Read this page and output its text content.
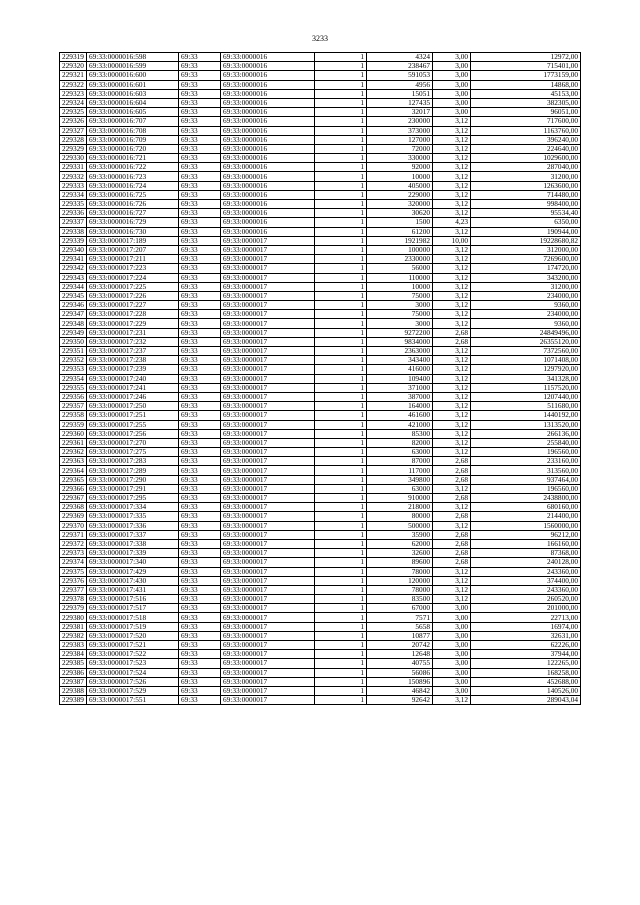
3233
229319	69:33:0000016:598	69:33	69:33:0000016	1	4324	3,00	12972,00
229320	69:33:0000016:599	69:33	69:33:0000016	1	238467	3,00	715401,00
229321	69:33:0000016:600	69:33	69:33:0000016	1	591053	3,00	1773159,00
229322	69:33:0000016:601	69:33	69:33:0000016	1	4956	3,00	14868,00
229323	69:33:0000016:603	69:33	69:33:0000016	1	15051	3,00	45153,00
229324	69:33:0000016:604	69:33	69:33:0000016	1	127435	3,00	382305,00
229325	69:33:0000016:605	69:33	69:33:0000016	1	32017	3,00	96051,00
229326	69:33:0000016:707	69:33	69:33:0000016	1	230000	3,12	717600,00
229327	69:33:0000016:708	69:33	69:33:0000016	1	373000	3,12	1163760,00
229328	69:33:0000016:709	69:33	69:33:0000016	1	127000	3,12	396240,00
229329	69:33:0000016:720	69:33	69:33:0000016	1	72000	3,12	224640,00
229330	69:33:0000016:721	69:33	69:33:0000016	1	330000	3,12	1029600,00
229331	69:33:0000016:722	69:33	69:33:0000016	1	92000	3,12	287040,00
229332	69:33:0000016:723	69:33	69:33:0000016	1	10000	3,12	31200,00
229333	69:33:0000016:724	69:33	69:33:0000016	1	405000	3,12	1263600,00
229334	69:33:0000016:725	69:33	69:33:0000016	1	229000	3,12	714480,00
229335	69:33:0000016:726	69:33	69:33:0000016	1	320000	3,12	998400,00
229336	69:33:0000016:727	69:33	69:33:0000016	1	30620	3,12	95534,40
229337	69:33:0000016:729	69:33	69:33:0000016	1	1500	4,23	6350,00
229338	69:33:0000016:730	69:33	69:33:0000016	1	61200	3,12	190944,00
229339	69:33:0000017:189	69:33	69:33:0000017	1	1921982	10,00	19228680,82
229340	69:33:0000017:207	69:33	69:33:0000017	1	100000	3,12	312000,00
229341	69:33:0000017:211	69:33	69:33:0000017	1	2330000	3,12	7269600,00
229342	69:33:0000017:223	69:33	69:33:0000017	1	56000	3,12	174720,00
229343	69:33:0000017:224	69:33	69:33:0000017	1	110000	3,12	343200,00
229344	69:33:0000017:225	69:33	69:33:0000017	1	10000	3,12	31200,00
229345	69:33:0000017:226	69:33	69:33:0000017	1	75000	3,12	234000,00
229346	69:33:0000017:227	69:33	69:33:0000017	1	3000	3,12	9360,00
229347	69:33:0000017:228	69:33	69:33:0000017	1	75000	3,12	234000,00
229348	69:33:0000017:229	69:33	69:33:0000017	1	3000	3,12	9360,00
229349	69:33:0000017:231	69:33	69:33:0000017	1	9272200	2,68	24849496,00
229350	69:33:0000017:232	69:33	69:33:0000017	1	9834000	2,68	26355120,00
229351	69:33:0000017:237	69:33	69:33:0000017	1	2363000	3,12	7372560,00
229352	69:33:0000017:238	69:33	69:33:0000017	1	343400	3,12	1071408,00
229353	69:33:0000017:239	69:33	69:33:0000017	1	416000	3,12	1297920,00
229354	69:33:0000017:240	69:33	69:33:0000017	1	109400	3,12	341328,00
229355	69:33:0000017:241	69:33	69:33:0000017	1	371000	3,12	1157520,00
229356	69:33:0000017:246	69:33	69:33:0000017	1	387000	3,12	1207440,00
229357	69:33:0000017:250	69:33	69:33:0000017	1	164000	3,12	511680,00
229358	69:33:0000017:251	69:33	69:33:0000017	1	461600	3,12	1440192,00
229359	69:33:0000017:255	69:33	69:33:0000017	1	421000	3,12	1313520,00
229360	69:33:0000017:256	69:33	69:33:0000017	1	85300	3,12	266136,00
229361	69:33:0000017:270	69:33	69:33:0000017	1	82000	3,12	255840,00
229362	69:33:0000017:275	69:33	69:33:0000017	1	63000	3,12	196560,00
229363	69:33:0000017:283	69:33	69:33:0000017	1	87000	2,68	233160,00
229364	69:33:0000017:289	69:33	69:33:0000017	1	117000	2,68	313560,00
229365	69:33:0000017:290	69:33	69:33:0000017	1	349800	2,68	937464,00
229366	69:33:0000017:291	69:33	69:33:0000017	1	63000	3,12	196560,00
229367	69:33:0000017:295	69:33	69:33:0000017	1	910000	2,68	2438800,00
229368	69:33:0000017:334	69:33	69:33:0000017	1	218000	3,12	680160,00
229369	69:33:0000017:335	69:33	69:33:0000017	1	80000	2,68	214400,00
229370	69:33:0000017:336	69:33	69:33:0000017	1	500000	3,12	1560000,00
229371	69:33:0000017:337	69:33	69:33:0000017	1	35900	2,68	96212,00
229372	69:33:0000017:338	69:33	69:33:0000017	1	62000	2,68	166160,00
229373	69:33:0000017:339	69:33	69:33:0000017	1	32600	2,68	87368,00
229374	69:33:0000017:340	69:33	69:33:0000017	1	89600	2,68	240128,00
229375	69:33:0000017:429	69:33	69:33:0000017	1	78000	3,12	243360,00
229376	69:33:0000017:430	69:33	69:33:0000017	1	120000	3,12	374400,00
229377	69:33:0000017:431	69:33	69:33:0000017	1	78000	3,12	243360,00
229378	69:33:0000017:516	69:33	69:33:0000017	1	83500	3,12	260520,00
229379	69:33:0000017:517	69:33	69:33:0000017	1	67000	3,00	201000,00
229380	69:33:0000017:518	69:33	69:33:0000017	1	7571	3,00	22713,00
229381	69:33:0000017:519	69:33	69:33:0000017	1	5658	3,00	16974,00
229382	69:33:0000017:520	69:33	69:33:0000017	1	10877	3,00	32631,00
229383	69:33:0000017:521	69:33	69:33:0000017	1	20742	3,00	62226,00
229384	69:33:0000017:522	69:33	69:33:0000017	1	12648	3,00	37944,00
229385	69:33:0000017:523	69:33	69:33:0000017	1	40755	3,00	122265,00
229386	69:33:0000017:524	69:33	69:33:0000017	1	56086	3,00	168258,00
229387	69:33:0000017:526	69:33	69:33:0000017	1	150896	3,00	452688,00
229388	69:33:0000017:529	69:33	69:33:0000017	1	46842	3,00	140526,00
229389	69:33:0000017:551	69:33	69:33:0000017	1	92642	3,12	289043,04
